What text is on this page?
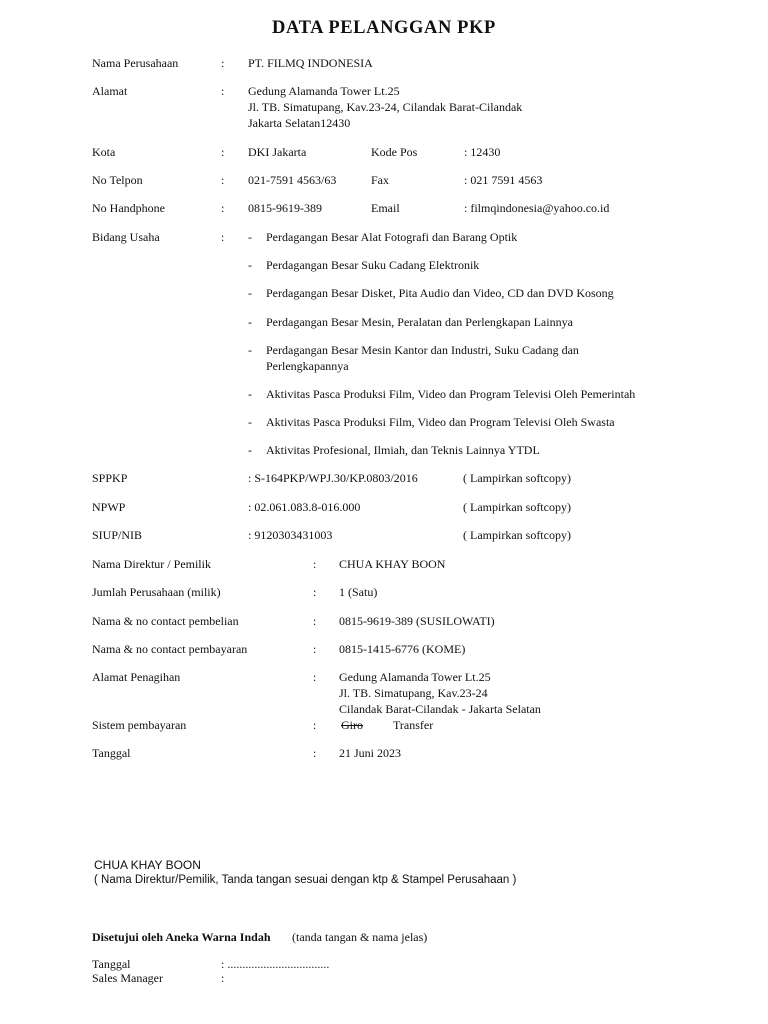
DATA PELANGGAN PKP
Nama Perusahaan	: PT. FILMQ INDONESIA
Alamat	: Gedung Alamanda Tower Lt.25
Jl. TB. Simatupang, Kav.23-24, Cilandak Barat-Cilandak
Jakarta Selatan12430
Kota	: DKI Jakarta	Kode Pos	: 12430
No Telpon	: 021-7591 4563/63	Fax	: 021 7591 4563
No Handphone	: 0815-9619-389	Email	: filmqindonesia@yahoo.co.id
Bidang Usaha	: - Perdagangan Besar Alat Fotografi dan Barang Optik
- Perdagangan Besar Suku Cadang Elektronik
- Perdagangan Besar Disket, Pita Audio dan Video, CD dan DVD Kosong
- Perdagangan Besar Mesin, Peralatan dan Perlengkapan Lainnya
- Perdagangan Besar Mesin Kantor dan Industri, Suku Cadang dan
Perlengkapannya
- Aktivitas Pasca Produksi Film, Video dan Program Televisi Oleh Pemerintah
- Aktivitas Pasca Produksi Film, Video dan Program Televisi Oleh Swasta
- Aktivitas Profesional, Ilmiah, dan Teknis Lainnya YTDL
SPPKP	: S-164PKP/WPJ.30/KP.0803/2016	( Lampirkan softcopy)
NPWP	: 02.061.083.8-016.000	( Lampirkan softcopy)
SIUP/NIB	: 9120303431003	( Lampirkan softcopy)
Nama Direktur / Pemilik	: CHUA KHAY BOON
Jumlah Perusahaan (milik)	: 1 (Satu)
Nama & no contact pembelian	: 0815-9619-389 (SUSILOWATI)
Nama & no contact pembayaran	: 0815-1415-6776 (KOME)
Alamat Penagihan	: Gedung Alamanda Tower Lt.25
Jl. TB. Simatupang, Kav.23-24
Cilandak Barat-Cilandak - Jakarta Selatan
Sistem pembayaran	: Giro	Transfer
Tanggal	: 21 Juni 2023
CHUA KHAY BOON
( Nama Direktur/Pemilik, Tanda tangan sesuai dengan ktp & Stampel Perusahaan )
Disetujui oleh Aneka Warna Indah (tanda tangan & nama jelas)
Tanggal	: ..................................
Sales Manager	:
